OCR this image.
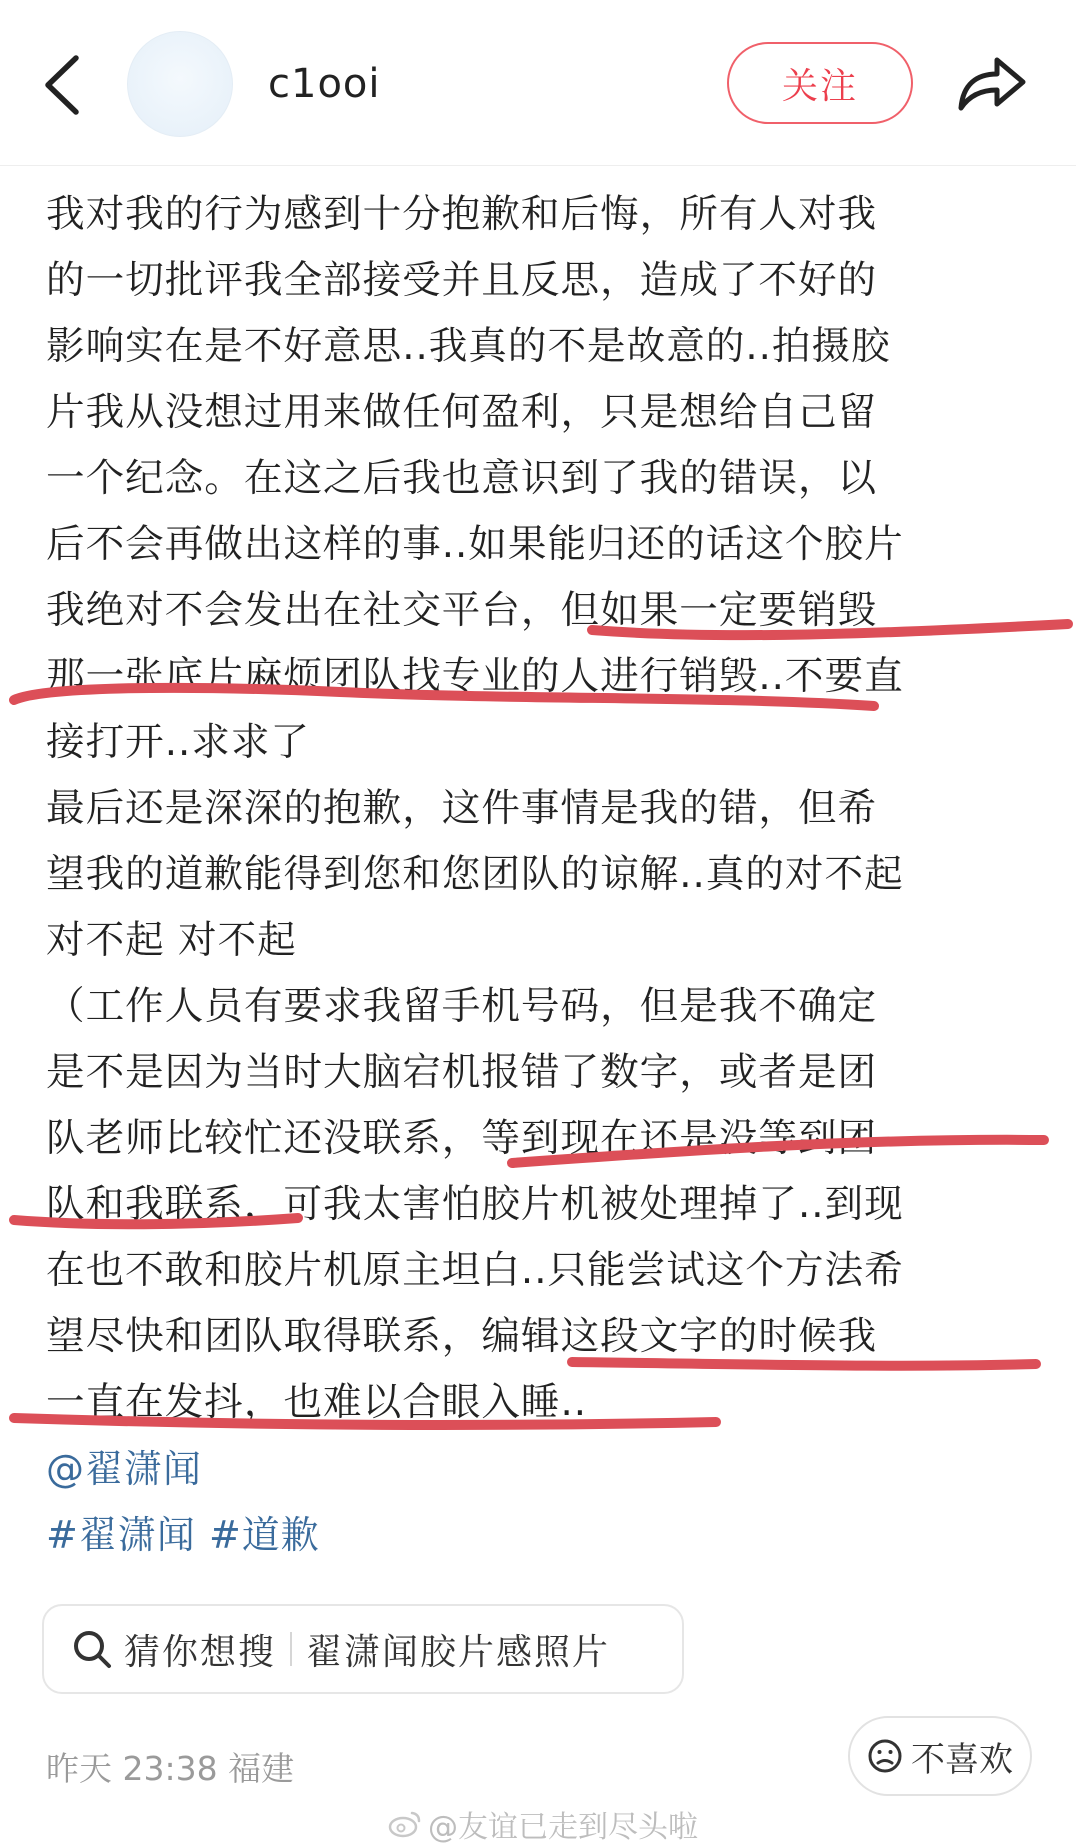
c1ooi	关注
我对我的行为感到十分抱歉和后悔，所有人对我
的一切批评我全部接受并且反思，造成了不好的
影响实在是不好意思..我真的不是故意的..拍摄胶
片我从没想过用来做任何盈利，只是想给自己留
一个纪念。在这之后我也意识到了我的错误，以
后不会再做出这样的事..如果能归还的话这个胶片
我绝对不会发出在社交平台，但如果一定要销毁
那一张底片麻烦团队找专业的人进行销毁..不要直
接打开..求求了
最后还是深深的抱歉，这件事情是我的错，但希
望我的道歉能得到您和您团队的谅解..真的对不起
对不起 对不起
（工作人员有要求我留手机号码，但是我不确定
是不是因为当时大脑宕机报错了数字，或者是团
队老师比较忙还没联系，等到现在还是没等到团
队和我联系，可我太害怕胶片机被处理掉了..到现
在也不敢和胶片机原主坦白..只能尝试这个方法希
望尽快和团队取得联系，编辑这段文字的时候我
一直在发抖，也难以合眼入睡..
@翟潇闻
#翟潇闻 #道歉
猜你想搜 翟潇闻胶片感照片
昨天 23:38 福建	不喜欢
@友谊已走到尽头啦
